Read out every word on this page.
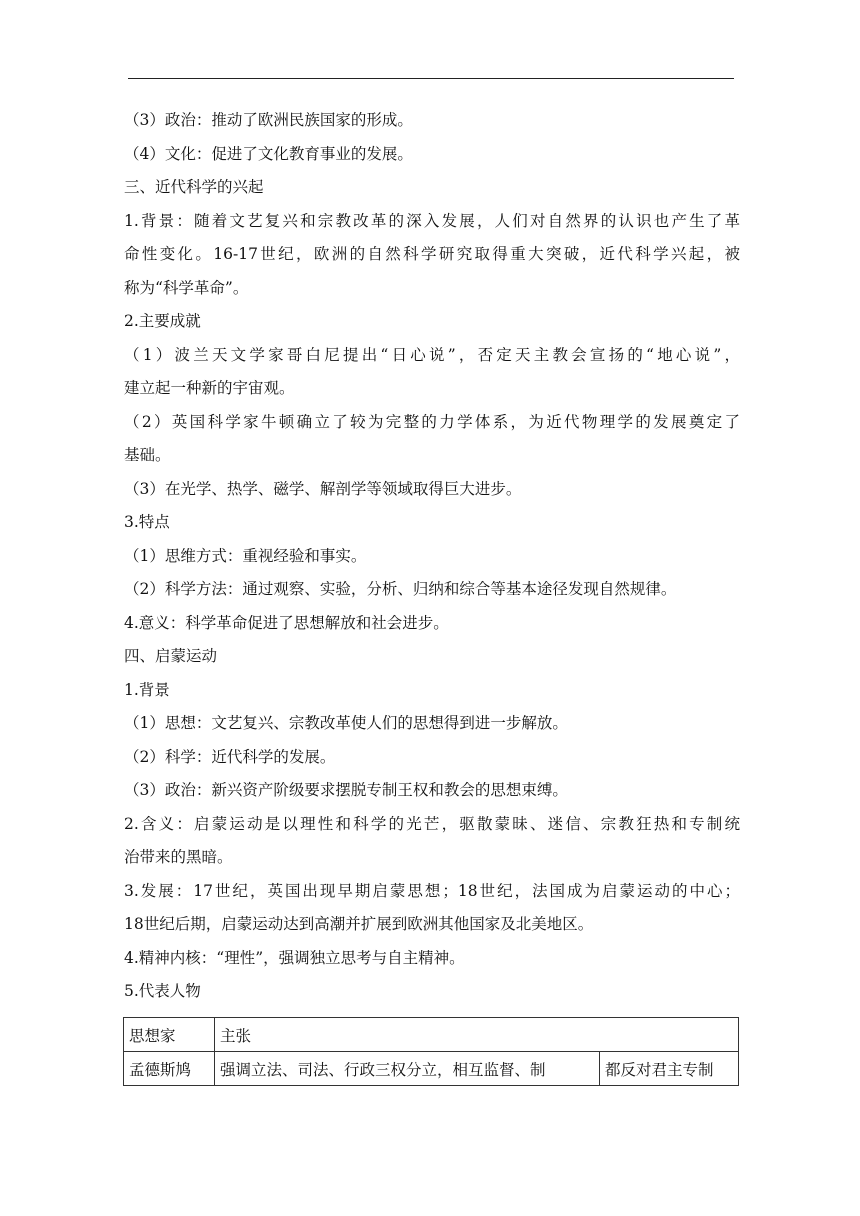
（3）政治：推动了欧洲民族国家的形成。
（4）文化：促进了文化教育事业的发展。
三、近代科学的兴起
1.背景：随着文艺复兴和宗教改革的深入发展，人们对自然界的认识也产生了革
命性变化。16-17世纪，欧洲的自然科学研究取得重大突破，近代科学兴起，被
称为“科学革命”。
2.主要成就
（1）波兰天文学家哥白尼提出“日心说”，否定天主教会宣扬的“地心说”，
建立起一种新的宇宙观。
（2）英国科学家牛顿确立了较为完整的力学体系，为近代物理学的发展奠定了
基础。
（3）在光学、热学、磁学、解剖学等领域取得巨大进步。
3.特点
（1）思维方式：重视经验和事实。
（2）科学方法：通过观察、实验，分析、归纳和综合等基本途径发现自然规律。
4.意义：科学革命促进了思想解放和社会进步。
四、启蒙运动
1.背景
（1）思想：文艺复兴、宗教改革使人们的思想得到进一步解放。
（2）科学：近代科学的发展。
（3）政治：新兴资产阶级要求摆脱专制王权和教会的思想束缚。
2.含义：启蒙运动是以理性和科学的光芒，驱散蒙昧、迷信、宗教狂热和专制统
治带来的黑暗。
3.发展：17世纪，英国出现早期启蒙思想；18世纪，法国成为启蒙运动的中心；
18世纪后期，启蒙运动达到高潮并扩展到欧洲其他国家及北美地区。
4.精神内核：“理性”，强调独立思考与自主精神。
5.代表人物
思想家	主张	
孟德斯鸠	强调立法、司法、行政三权分立，相互监督、制	都反对君主专制
